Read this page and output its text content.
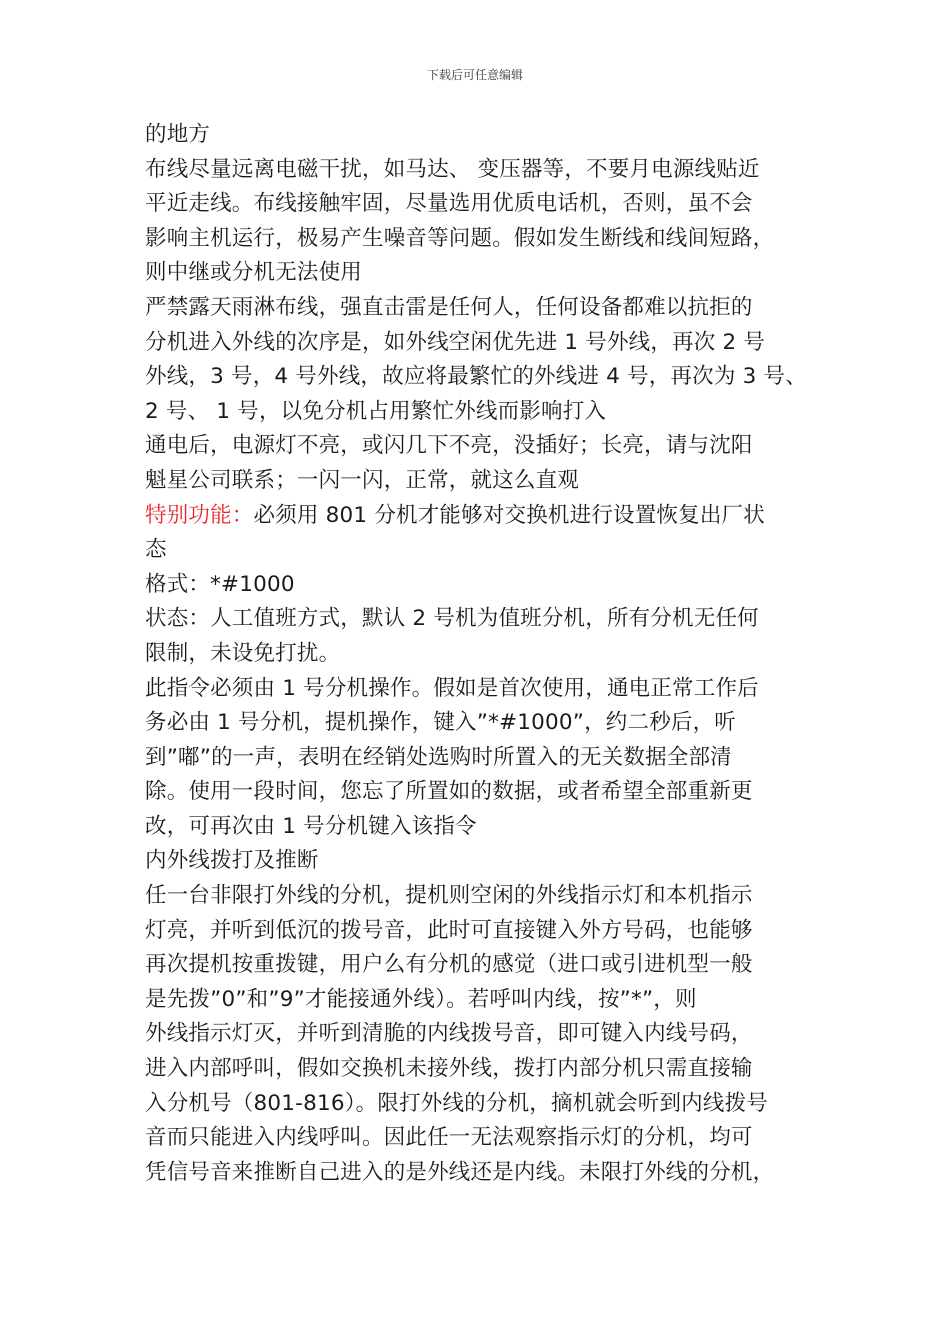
下载后可任意编辑
的地方
布线尽量远离电磁干扰，如马达、 变压器等，不要月电源线贴近
平近走线。布线接触牢固，尽量选用优质电话机，否则，虽不会
影响主机运行，极易产生噪音等问题。假如发生断线和线间短路，
则中继或分机无法使用
严禁露天雨淋布线，强直击雷是任何人，任何设备都难以抗拒的
分机进入外线的次序是，如外线空闲优先进 1 号外线，再次 2 号
外线，3 号，4 号外线，故应将最繁忙的外线进 4 号，再次为 3 号、
2 号、 1 号，以免分机占用繁忙外线而影响打入
通电后，电源灯不亮，或闪几下不亮，没插好；长亮，请与沈阳
魁星公司联系；一闪一闪，正常，就这么直观
特别功能：必须用 801 分机才能够对交换机进行设置恢复出厂状
态
格式：*#1000
状态：人工值班方式，默认 2 号机为值班分机，所有分机无任何
限制，未设免打扰。
此指令必须由 1 号分机操作。假如是首次使用，通电正常工作后
务必由 1 号分机，提机操作，键入”*#1000”，约二秒后，听
到”嘟”的一声，表明在经销处选购时所置入的无关数据全部清
除。使用一段时间，您忘了所置如的数据，或者希望全部重新更
改，可再次由 1 号分机键入该指令
内外线拨打及推断
任一台非限打外线的分机，提机则空闲的外线指示灯和本机指示
灯亮，并听到低沉的拨号音，此时可直接键入外方号码，也能够
再次提机按重拨键，用户么有分机的感觉（进口或引进机型一般
是先拨”0”和”9”才能接通外线）。若呼叫内线，按”*”，则
外线指示灯灭，并听到清脆的内线拨号音，即可键入内线号码，
进入内部呼叫，假如交换机未接外线，拨打内部分机只需直接输
入分机号（801-816）。限打外线的分机，摘机就会听到内线拨号
音而只能进入内线呼叫。因此任一无法观察指示灯的分机，均可
凭信号音来推断自己进入的是外线还是内线。未限打外线的分机，
